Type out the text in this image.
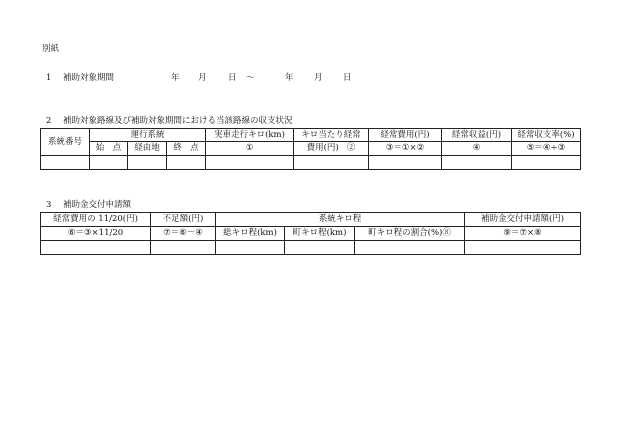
別紙
1 補助対象期間	年 月	日 ～	年 月 日
2 補助対象路線及び補助対象期間における当該路線の収支状況
系統番号	運行系統			実車走行キロ(km)	キロ当たり経常	経常費用(円)	経常収益(円)	経常収支率(%)
	始　点	経由地	終　点	①	費用(円) ②	③＝①×②	④	⑤＝④÷③

3 補助金交付申請額
経常費用の 11/20(円)	不足額(円)	系統キロ程			補助金交付申請額(円)
⑥＝③×11/20	⑦＝⑥－④	総キロ程(km)	町キロ程(km)	町キロ程の割合(%)⑧	⑨＝⑦×⑧
